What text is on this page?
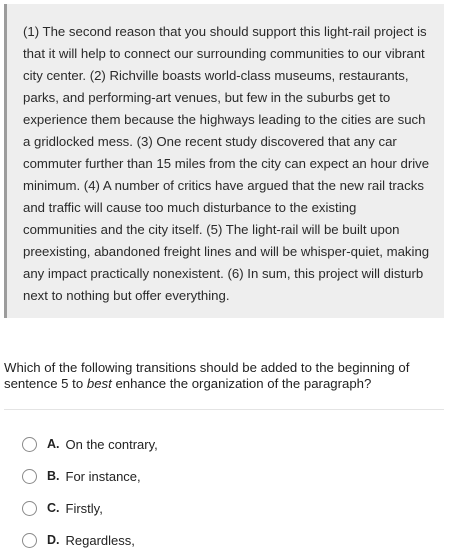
(1) The second reason that you should support this light-rail project is that it will help to connect our surrounding communities to our vibrant city center. (2) Richville boasts world-class museums, restaurants, parks, and performing-art venues, but few in the suburbs get to experience them because the highways leading to the cities are such a gridlocked mess. (3) One recent study discovered that any car commuter further than 15 miles from the city can expect an hour drive minimum. (4) A number of critics have argued that the new rail tracks and traffic will cause too much disturbance to the existing communities and the city itself. (5) The light-rail will be built upon preexisting, abandoned freight lines and will be whisper-quiet, making any impact practically nonexistent. (6) In sum, this project will disturb next to nothing but offer everything.

Which of the following transitions should be added to the beginning of sentence 5 to best enhance the organization of the paragraph?
A. On the contrary,
B. For instance,
C. Firstly,
D. Regardless,
